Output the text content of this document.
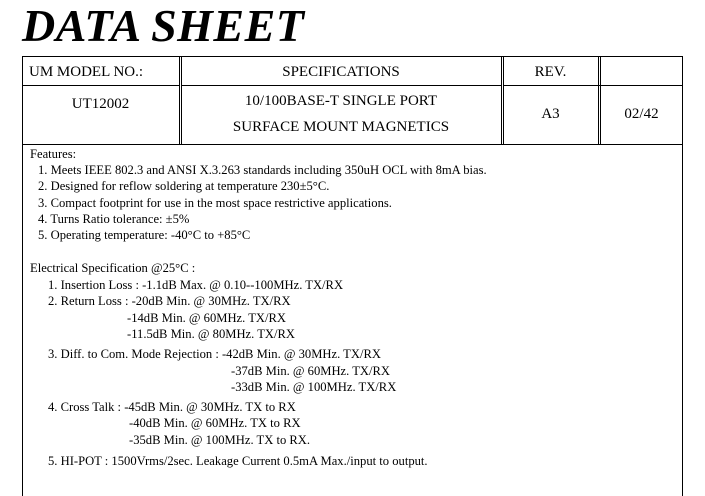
DATA SHEET
UM MODEL NO.:
UT12002
SPECIFICATIONS
10/100BASE-T SINGLE PORT
SURFACE MOUNT MAGNETICS
REV.
A3	02/42
Features:
1. Meets IEEE 802.3 and ANSI X.3.263 standards including 350uH OCL with 8mA bias.
2. Designed for reflow soldering at temperature 230±5°C.
3. Compact footprint for use in the most space restrictive applications.
4. Turns Ratio tolerance: ±5%
5. Operating temperature: -40°C to +85°C
Electrical Specification @25°C :
1. Insertion Loss : -1.1dB Max. @ 0.10--100MHz. TX/RX
2. Return Loss : -20dB Min. @ 30MHz. TX/RX
-14dB Min. @ 60MHz. TX/RX
-11.5dB Min. @ 80MHz. TX/RX
3. Diff. to Com. Mode Rejection : -42dB Min. @ 30MHz. TX/RX
-37dB Min. @ 60MHz. TX/RX
-33dB Min. @ 100MHz. TX/RX
4. Cross Talk : -45dB Min. @ 30MHz. TX to RX
-40dB Min. @ 60MHz. TX to RX
-35dB Min. @ 100MHz. TX to RX.
5. HI-POT : 1500Vrms/2sec. Leakage Current 0.5mA Max./input to output.
